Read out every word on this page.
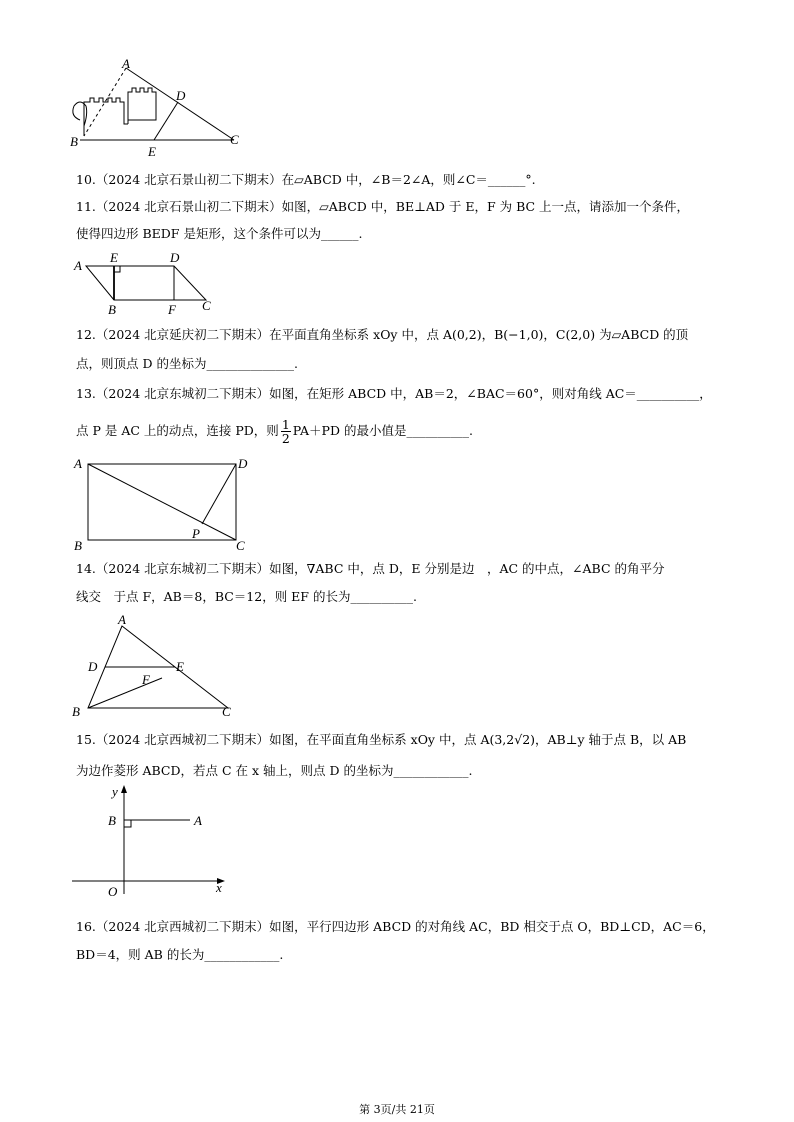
A
D
B
E
C
10.（2024 北京石景山初二下期末）在▱ABCD 中，∠B＝2∠A，则∠C＝______°.
11.（2024 北京石景山初二下期末）如图，▱ABCD 中，BE⊥AD 于 E，F 为 BC 上一点，请添加一个条件，
使得四边形 BEDF 是矩形，这个条件可以为______.
A
E	D
B	F C
12.（2024 北京延庆初二下期末）在平面直角坐标系 xOy 中，点 A(0,2)，B(−1,0)，C(2,0) 为▱ABCD 的顶
点，则顶点 D 的坐标为______________.
13.（2024 北京东城初二下期末）如图，在矩形 ABCD 中，AB＝2，∠BAC＝60°，则对角线 AC＝__________，
点 P 是 AC 上的动点，连接 PD，则 $\frac{1}{2} PA+PD$ 的最小值是__________.
A	D
P
B	C
14.（2024 北京东城初二下期末）如图，∇ABC 中，点 D，E 分别是边　，AC 的中点，∠ABC 的角平分
线交　于点 F，AB＝8，BC＝12，则 EF 的长为__________.
A
D	E
F
B	C
15.（2024 北京西城初二下期末）如图，在平面直角坐标系 xOy 中，点 A(3,2√2)，AB⊥y 轴于点 B，以 AB
为边作菱形 ABCD，若点 C 在 x 轴上，则点 D 的坐标为____________.
y
B	A
O	x
16.（2024 北京西城初二下期末）如图，平行四边形 ABCD 的对角线 AC，BD 相交于点 O，BD⊥CD，AC＝6，
BD＝4，则 AB 的长为____________.
第 3页/共 21页
